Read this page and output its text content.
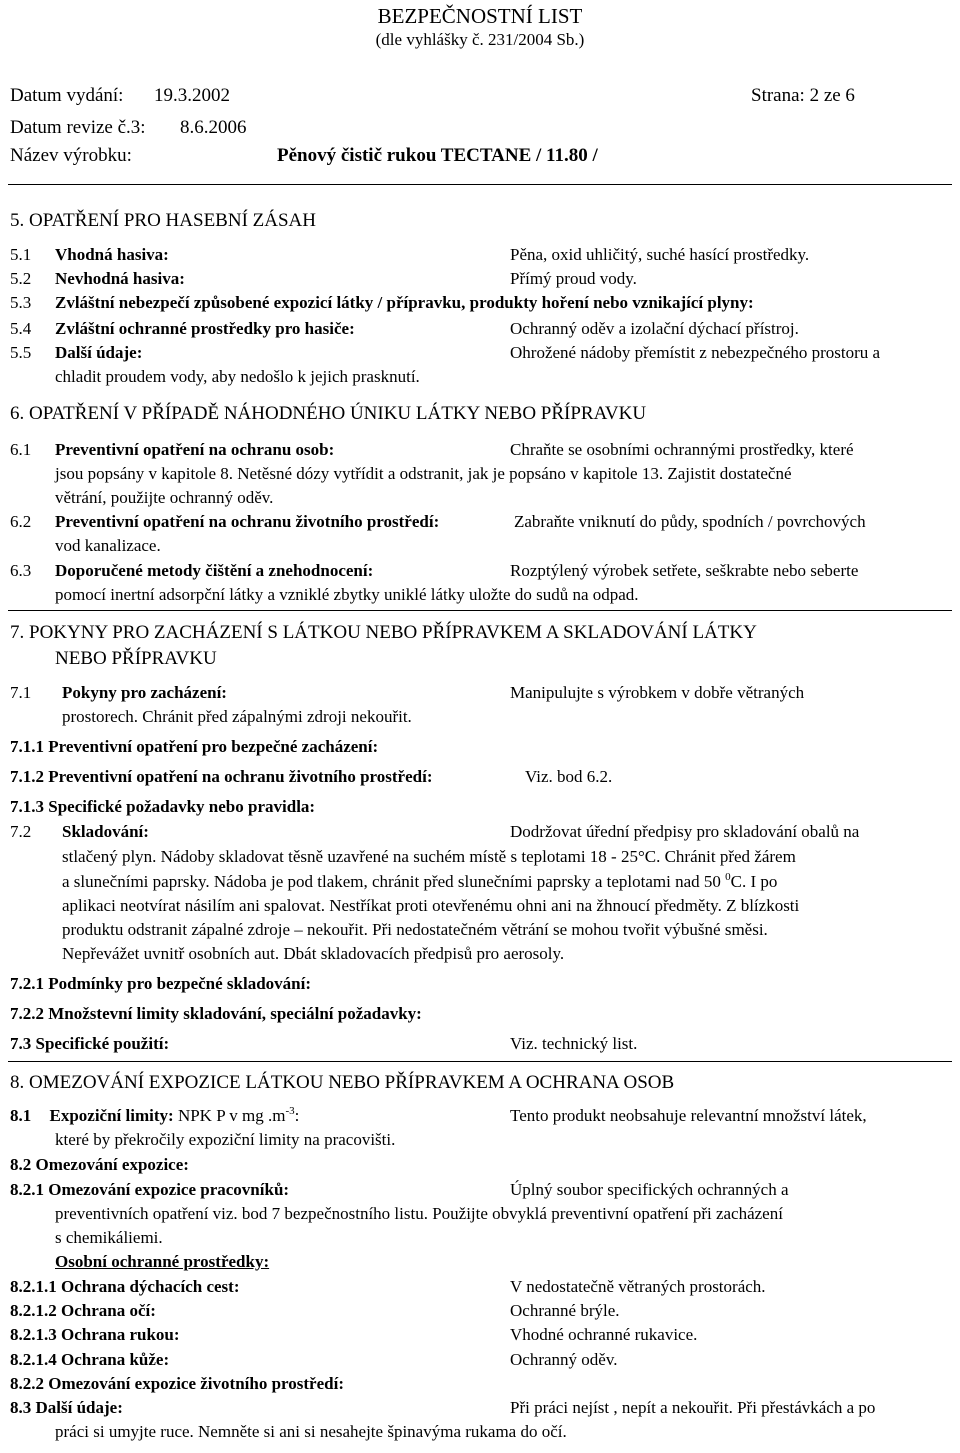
BEZPEČNOSTNÍ LIST
(dle vyhlášky č. 231/2004 Sb.)
Datum vydání: 19.3.2002	Strana: 2 ze 6
Datum revize č.3: 8.6.2006
Název výrobku:	Pěnový čistič rukou TECTANE / 11.80 /
5. OPATŘENÍ PRO HASEBNÍ ZÁSAH
5.1 Vhodná hasiva:	Pěna, oxid uhličitý, suché hasící prostředky.
5.2 Nevhodná hasiva:	Přímý proud vody.
5.3 Zvláštní nebezpečí způsobené expozicí látky / přípravku, produkty hoření nebo vznikající plyny:
5.4 Zvláštní ochranné prostředky pro hasiče:	Ochranný oděv a izolační dýchací přístroj.
5.5 Další údaje:	Ohrožené nádoby přemístit z nebezpečného prostoru a
chladit proudem vody, aby nedošlo k jejich prasknutí.
6. OPATŘENÍ V PŘÍPADĚ NÁHODNÉHO ÚNIKU LÁTKY NEBO PŘÍPRAVKU
6.1 Preventivní opatření na ochranu osob:	Chraňte se osobními ochrannými prostředky, které
jsou popsány v kapitole 8. Netěsné dózy vytřídit a odstranit, jak je popsáno v kapitole 13. Zajistit dostatečné
větrání, použijte ochranný oděv.
6.2 Preventivní opatření na ochranu životního prostředí:	Zabraňte vniknutí do půdy, spodních / povrchových
vod kanalizace.
6.3 Doporučené metody čištění a znehodnocení:	Rozptýlený výrobek setřete, seškrabte nebo seberte
pomocí inertní adsorpční látky a vzniklé zbytky uniklé látky uložte do sudů na odpad.
7. POKYNY PRO ZACHÁZENÍ S LÁTKOU NEBO PŘÍPRAVKEM A SKLADOVÁNÍ LÁTKY
NEBO PŘÍPRAVKU
7.1 Pokyny pro zacházení:	Manipulujte s výrobkem v dobře větraných
prostorech. Chránit před zápalnými zdroji nekouřit.
7.1.1 Preventivní opatření pro bezpečné zacházení:
7.1.2 Preventivní opatření na ochranu životního prostředí:	Viz. bod 6.2.
7.1.3 Specifické požadavky nebo pravidla:
7.2 Skladování:	Dodržovat úřední předpisy pro skladování obalů na
stlačený plyn. Nádoby skladovat těsně uzavřené na suchém místě s teplotami 18 - 25°C. Chránit před žárem
a slunečními paprsky. Nádoba je pod tlakem, chránit před slunečními paprsky a teplotami nad 50 $^0$C. I po
aplikaci neotvírat násilím ani spalovat. Nestříkat proti otevřenému ohni ani na žhnoucí předměty. Z blízkosti
produktu odstranit zápalné zdroje – nekouřit. Při nedostatečném větrání se mohou tvořit výbušné směsi.
Nepřevážet uvnitř osobních aut. Dbát skladovacích předpisů pro aerosoly.
7.2.1 Podmínky pro bezpečné skladování:
7.2.2 Množstevní limity skladování, speciální požadavky:
7.3 Specifické použití:	Viz. technický list.
8. OMEZOVÁNÍ EXPOZICE LÁTKOU NEBO PŘÍPRAVKEM A OCHRANA OSOB
8.1 Expoziční limity: NPK P v mg $.m^{-3}$:	Tento produkt neobsahuje relevantní množství látek,
které by překročily expoziční limity na pracovišti.
8.2 Omezování expozice:
8.2.1 Omezování expozice pracovníků:	Úplný soubor specifických ochranných a
preventivních opatření viz. bod 7 bezpečnostního listu. Použijte obvyklá preventivní opatření při zacházení
s chemikáliemi.
Osobní ochranné prostředky:
8.2.1.1 Ochrana dýchacích cest:	V nedostatečně větraných prostorách.
8.2.1.2 Ochrana očí:	Ochranné brýle.
8.2.1.3 Ochrana rukou:	Vhodné ochranné rukavice.
8.2.1.4 Ochrana kůže:	Ochranný oděv.
8.2.2 Omezování expozice životního prostředí:
8.3 Další údaje:	Při práci nejíst , nepít a nekouřit. Při přestávkách a po
práci si umyjte ruce. Nemněte si ani si nesahejte špinavýma rukama do očí.
